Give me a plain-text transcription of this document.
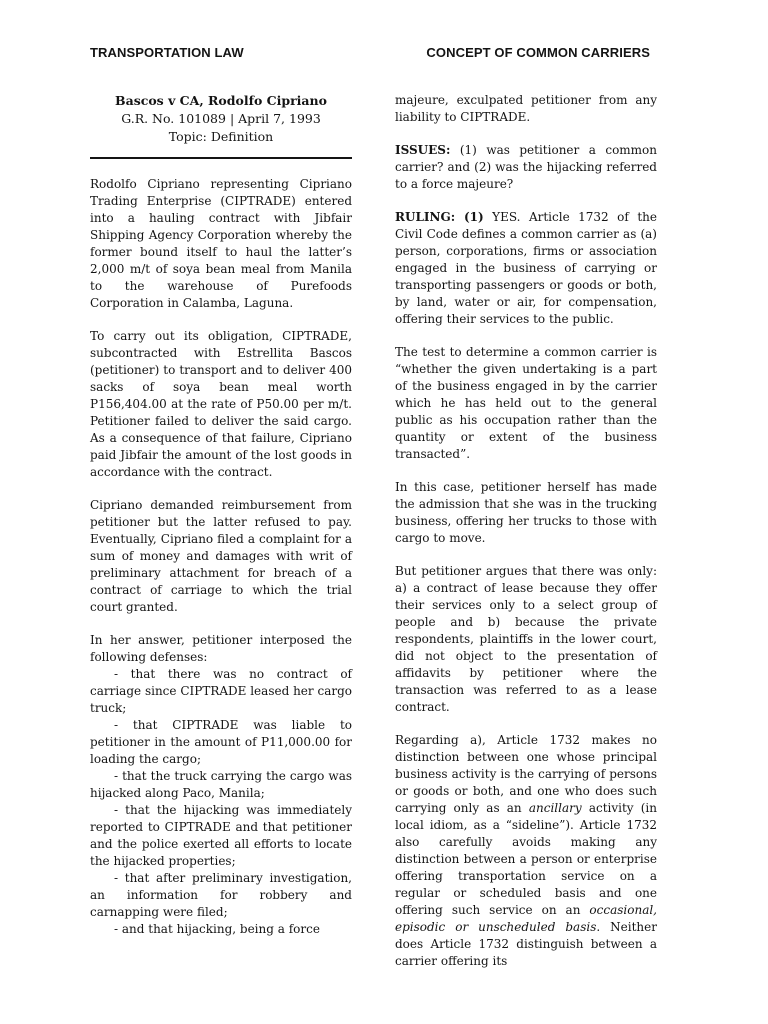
TRANSPORTATION LAW	CONCEPT OF COMMON CARRIERS
Bascos v CA, Rodolfo Cipriano
G.R. No. 101089 | April 7, 1993
Topic: Definition

Rodolfo Cipriano representing Cipriano Trading Enterprise (CIPTRADE) entered into a hauling contract with Jibfair Shipping Agency Corporation whereby the former bound itself to haul the latter’s 2,000 m/t of soya bean meal from Manila to the warehouse of Purefoods Corporation in Calamba, Laguna.

To carry out its obligation, CIPTRADE, subcontracted with Estrellita Bascos (petitioner) to transport and to deliver 400 sacks of soya bean meal worth P156,404.00 at the rate of P50.00 per m/t. Petitioner failed to deliver the said cargo. As a consequence of that failure, Cipriano paid Jibfair the amount of the lost goods in accordance with the contract.

Cipriano demanded reimbursement from petitioner but the latter refused to pay. Eventually, Cipriano filed a complaint for a sum of money and damages with writ of preliminary attachment for breach of a contract of carriage to which the trial court granted.

In her answer, petitioner interposed the following defenses:
- that there was no contract of carriage since CIPTRADE leased her cargo truck;
- that CIPTRADE was liable to petitioner in the amount of P11,000.00 for loading the cargo;
- that the truck carrying the cargo was hijacked along Paco, Manila;
- that the hijacking was immediately reported to CIPTRADE and that petitioner and the police exerted all efforts to locate the hijacked properties;
- that after preliminary investigation, an information for robbery and carnapping were filed;
- and that hijacking, being a force

majeure, exculpated petitioner from any liability to CIPTRADE.

ISSUES: (1) was petitioner a common carrier? and (2) was the hijacking referred to a force majeure?

RULING: (1) YES. Article 1732 of the Civil Code defines a common carrier as (a) person, corporations, firms or association engaged in the business of carrying or transporting passengers or goods or both, by land, water or air, for compensation, offering their services to the public.

The test to determine a common carrier is “whether the given undertaking is a part of the business engaged in by the carrier which he has held out to the general public as his occupation rather than the quantity or extent of the business transacted”.

In this case, petitioner herself has made the admission that she was in the trucking business, offering her trucks to those with cargo to move.

But petitioner argues that there was only: a) a contract of lease because they offer their services only to a select group of people and b) because the private respondents, plaintiffs in the lower court, did not object to the presentation of affidavits by petitioner where the transaction was referred to as a lease contract.

Regarding a), Article 1732 makes no distinction between one whose principal business activity is the carrying of persons or goods or both, and one who does such carrying only as an ancillary activity (in local idiom, as a “sideline”). Article 1732 also carefully avoids making any distinction between a person or enterprise offering transportation service on a regular or scheduled basis and one offering such service on an occasional, episodic or unscheduled basis. Neither does Article 1732 distinguish between a carrier offering its
